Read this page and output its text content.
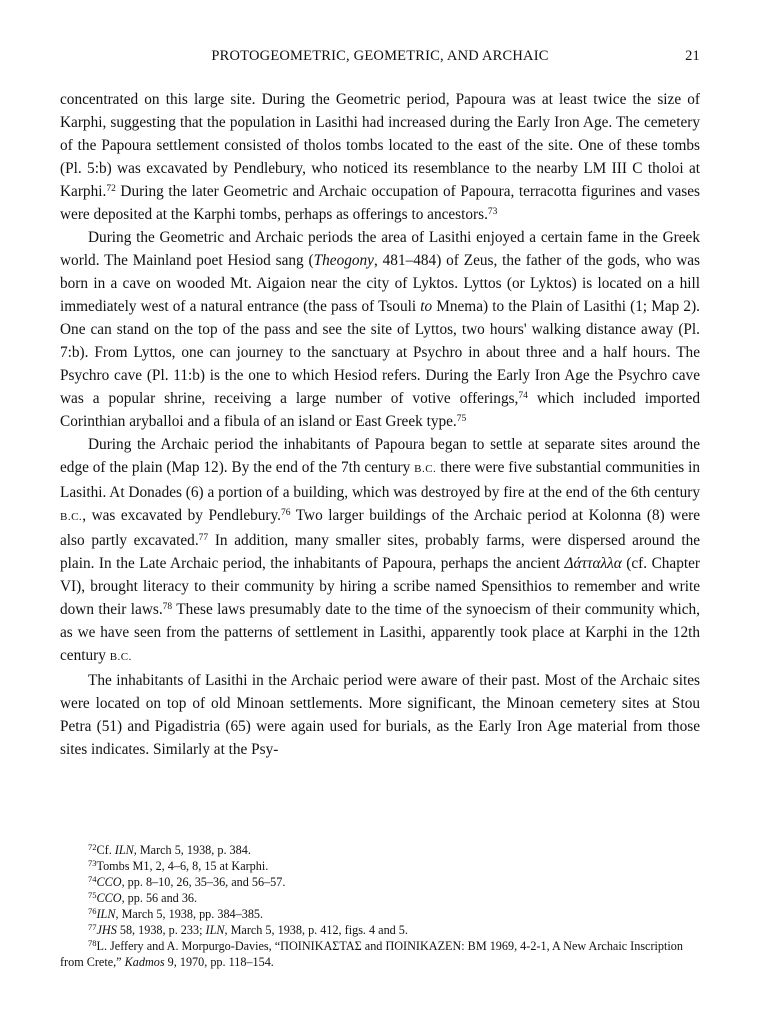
PROTOGEOMETRIC, GEOMETRIC, AND ARCHAIC	21

concentrated on this large site. During the Geometric period, Papoura was at least twice the size of Karphi, suggesting that the population in Lasithi had increased during the Early Iron Age. The cemetery of the Papoura settlement consisted of tholos tombs located to the east of the site. One of these tombs (Pl. 5:b) was excavated by Pendlebury, who noticed its resemblance to the nearby LM III C tholoi at Karphi.$^{72}$ During the later Geometric and Archaic occupation of Papoura, terracotta figurines and vases were deposited at the Karphi tombs, perhaps as offerings to ancestors.$^{73}$

During the Geometric and Archaic periods the area of Lasithi enjoyed a certain fame in the Greek world. The Mainland poet Hesiod sang (Theogony, 481–484) of Zeus, the father of the gods, who was born in a cave on wooded Mt. Aigaion near the city of Lyktos. Lyttos (or Lyktos) is located on a hill immediately west of a natural entrance (the pass of Tsouli to Mnema) to the Plain of Lasithi (1; Map 2). One can stand on the top of the pass and see the site of Lyttos, two hours' walking distance away (Pl. 7:b). From Lyttos, one can journey to the sanctuary at Psychro in about three and a half hours. The Psychro cave (Pl. 11:b) is the one to which Hesiod refers. During the Early Iron Age the Psychro cave was a popular shrine, receiving a large number of votive offerings,$^{74}$ which included imported Corinthian aryballoi and a fibula of an island or East Greek type.$^{75}$

During the Archaic period the inhabitants of Papoura began to settle at separate sites around the edge of the plain (Map 12). By the end of the 7th century B.C. there were five substantial communities in Lasithi. At Donades (6) a portion of a building, which was destroyed by fire at the end of the 6th century B.C., was excavated by Pendlebury.$^{76}$ Two larger buildings of the Archaic period at Kolonna (8) were also partly excavated.$^{77}$ In addition, many smaller sites, probably farms, were dispersed around the plain. In the Late Archaic period, the inhabitants of Papoura, perhaps the ancient Δάτταλλα (cf. Chapter VI), brought literacy to their community by hiring a scribe named Spensithios to remember and write down their laws.$^{78}$ These laws presumably date to the time of the synoecism of their community which, as we have seen from the patterns of settlement in Lasithi, apparently took place at Karphi in the 12th century B.C.

The inhabitants of Lasithi in the Archaic period were aware of their past. Most of the Archaic sites were located on top of old Minoan settlements. More significant, the Minoan cemetery sites at Stou Petra (51) and Pigadistria (65) were again used for burials, as the Early Iron Age material from those sites indicates. Similarly at the Psy-

$^{72}$Cf. ILN, March 5, 1938, p. 384.
$^{73}$Tombs M1, 2, 4–6, 8, 15 at Karphi.
$^{74}$CCO, pp. 8–10, 26, 35–36, and 56–57.
$^{75}$CCO, pp. 56 and 36.
$^{76}$ILN, March 5, 1938, pp. 384–385.
$^{77}$JHS 58, 1938, p. 233; ILN, March 5, 1938, p. 412, figs. 4 and 5.
$^{78}$L. Jeffery and A. Morpurgo-Davies, “ΠΟΙΝΙΚΑΣΤΑΣ and ΠΟΙΝΙΚΑΖΕΝ: BM 1969, 4-2-1, A New Archaic Inscription from Crete,” Kadmos 9, 1970, pp. 118–154.
